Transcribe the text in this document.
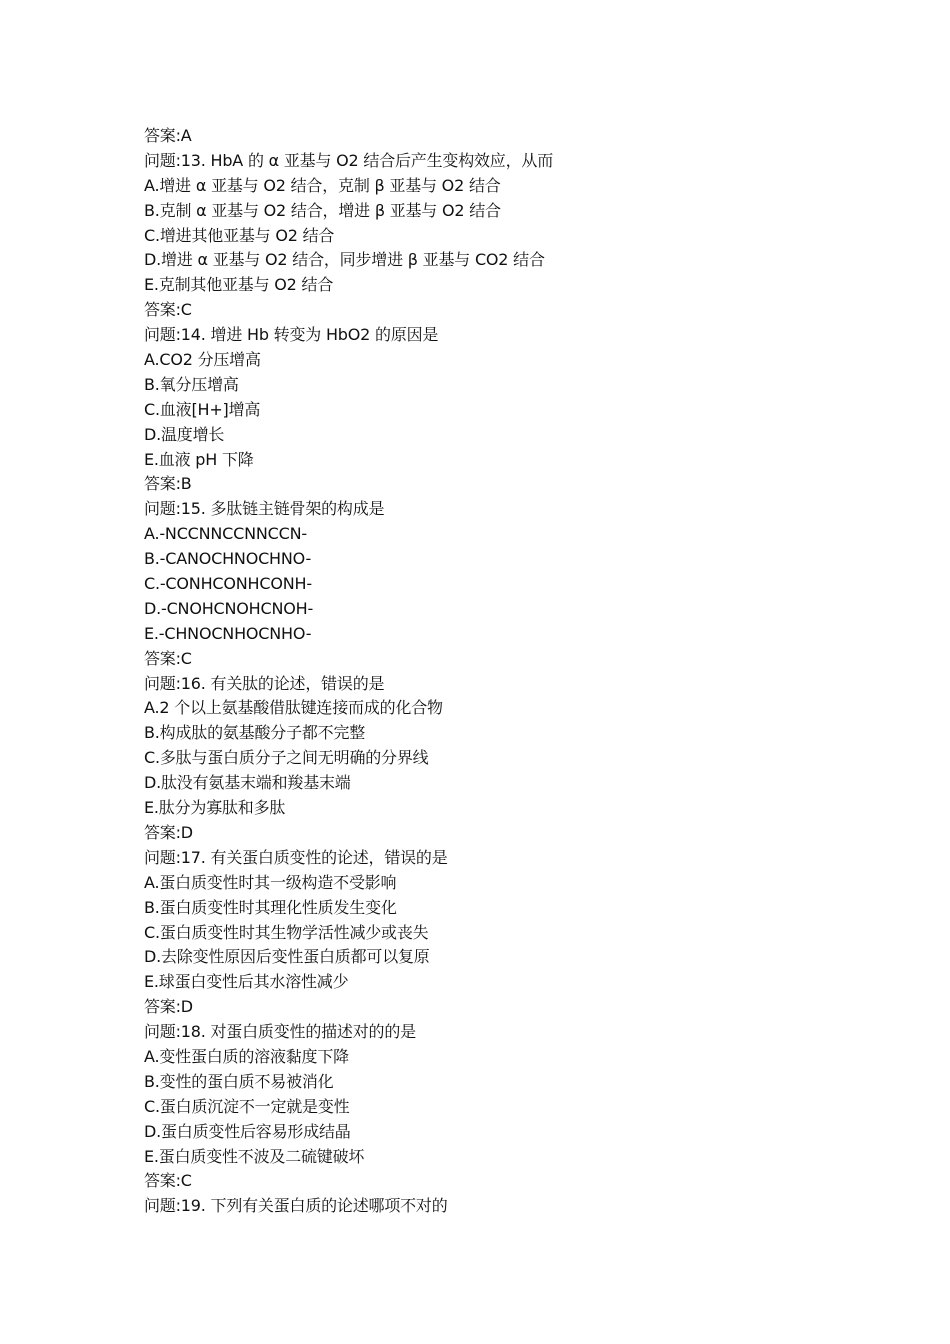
答案:A
问题:13. HbA 的 α 亚基与 O2 结合后产生变构效应，从而
A.增进 α 亚基与 O2 结合，克制 β 亚基与 O2 结合
B.克制 α 亚基与 O2 结合，增进 β 亚基与 O2 结合
C.增进其他亚基与 O2 结合
D.增进 α 亚基与 O2 结合，同步增进 β 亚基与 CO2 结合
E.克制其他亚基与 O2 结合
答案:C
问题:14. 增进 Hb 转变为 HbO2 的原因是
A.CO2 分压增高
B.氧分压增高
C.血液[H+]增高
D.温度增长
E.血液 pH 下降
答案:B
问题:15. 多肽链主链骨架的构成是
A.-NCCNNCCNNCCN-
B.-CANOCHNOCHNO-
C.-CONHCONHCONH-
D.-CNOHCNOHCNOH-
E.-CHNOCNHOCNHO-
答案:C
问题:16. 有关肽的论述，错误的是
A.2 个以上氨基酸借肽键连接而成的化合物
B.构成肽的氨基酸分子都不完整
C.多肽与蛋白质分子之间无明确的分界线
D.肽没有氨基末端和羧基末端
E.肽分为寡肽和多肽
答案:D
问题:17. 有关蛋白质变性的论述，错误的是
A.蛋白质变性时其一级构造不受影响
B.蛋白质变性时其理化性质发生变化
C.蛋白质变性时其生物学活性减少或丧失
D.去除变性原因后变性蛋白质都可以复原
E.球蛋白变性后其水溶性减少
答案:D
问题:18. 对蛋白质变性的描述对的的是
A.变性蛋白质的溶液黏度下降
B.变性的蛋白质不易被消化
C.蛋白质沉淀不一定就是变性
D.蛋白质变性后容易形成结晶
E.蛋白质变性不波及二硫键破坏
答案:C
问题:19. 下列有关蛋白质的论述哪项不对的
